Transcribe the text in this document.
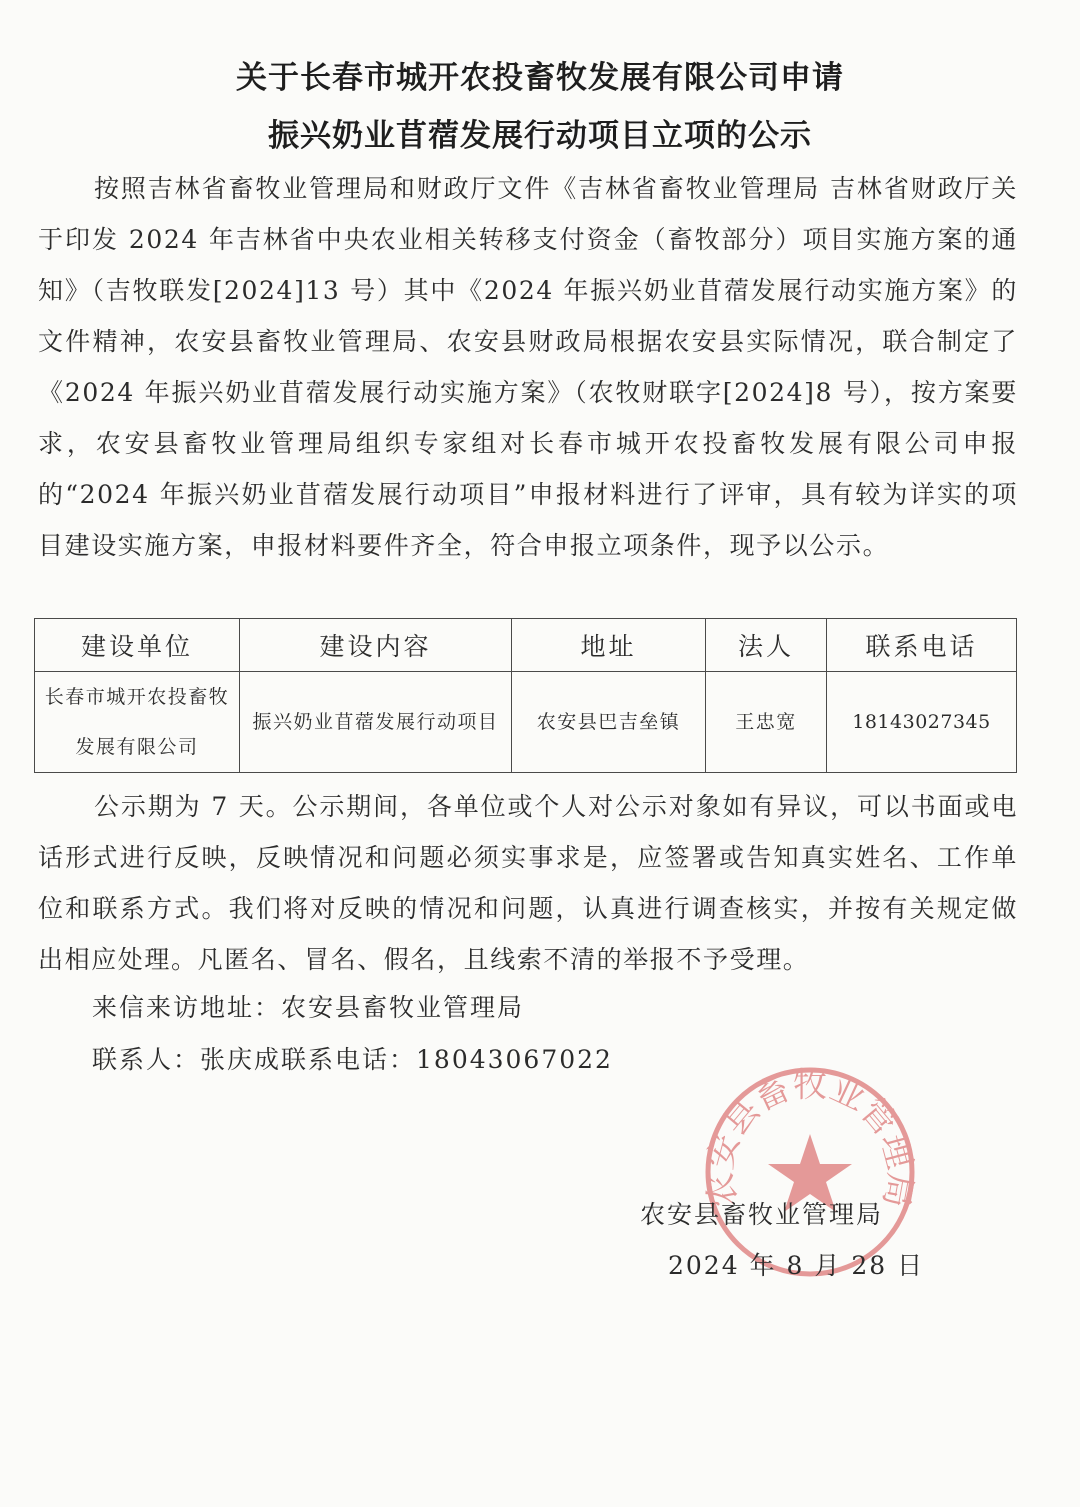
关于长春市城开农投畜牧发展有限公司申请
振兴奶业苜蓿发展行动项目立项的公示

按照吉林省畜牧业管理局和财政厅文件《吉林省畜牧业管理局 吉林省财政厅关于印发 2024 年吉林省中央农业相关转移支付资金（畜牧部分）项目实施方案的通知》（吉牧联发[2024]13 号）其中《2024 年振兴奶业苜蓿发展行动实施方案》的文件精神，农安县畜牧业管理局、农安县财政局根据农安县实际情况，联合制定了《2024 年振兴奶业苜蓿发展行动实施方案》（农牧财联字[2024]8 号），按方案要求，农安县畜牧业管理局组织专家组对长春市城开农投畜牧发展有限公司申报的“2024 年振兴奶业苜蓿发展行动项目”申报材料进行了评审，具有较为详实的项目建设实施方案，申报材料要件齐全，符合申报立项条件，现予以公示。

建设单位	建设内容	地址	法人	联系电话
长春市城开农投畜牧
发展有限公司	振兴奶业苜蓿发展行动项目	农安县巴吉垒镇	王忠宽	18143027345

公示期为 7 天。公示期间，各单位或个人对公示对象如有异议，可以书面或电话形式进行反映，反映情况和问题必须实事求是，应签署或告知真实姓名、工作单位和联系方式。我们将对反映的情况和问题，认真进行调查核实，并按有关规定做出相应处理。凡匿名、冒名、假名，且线索不清的举报不予受理。

来信来访地址：农安县畜牧业管理局

联系人：张庆成联系电话：18043067022

农安县畜牧业管理局

农安县畜牧业管理局

2024 年 8 月 28 日
